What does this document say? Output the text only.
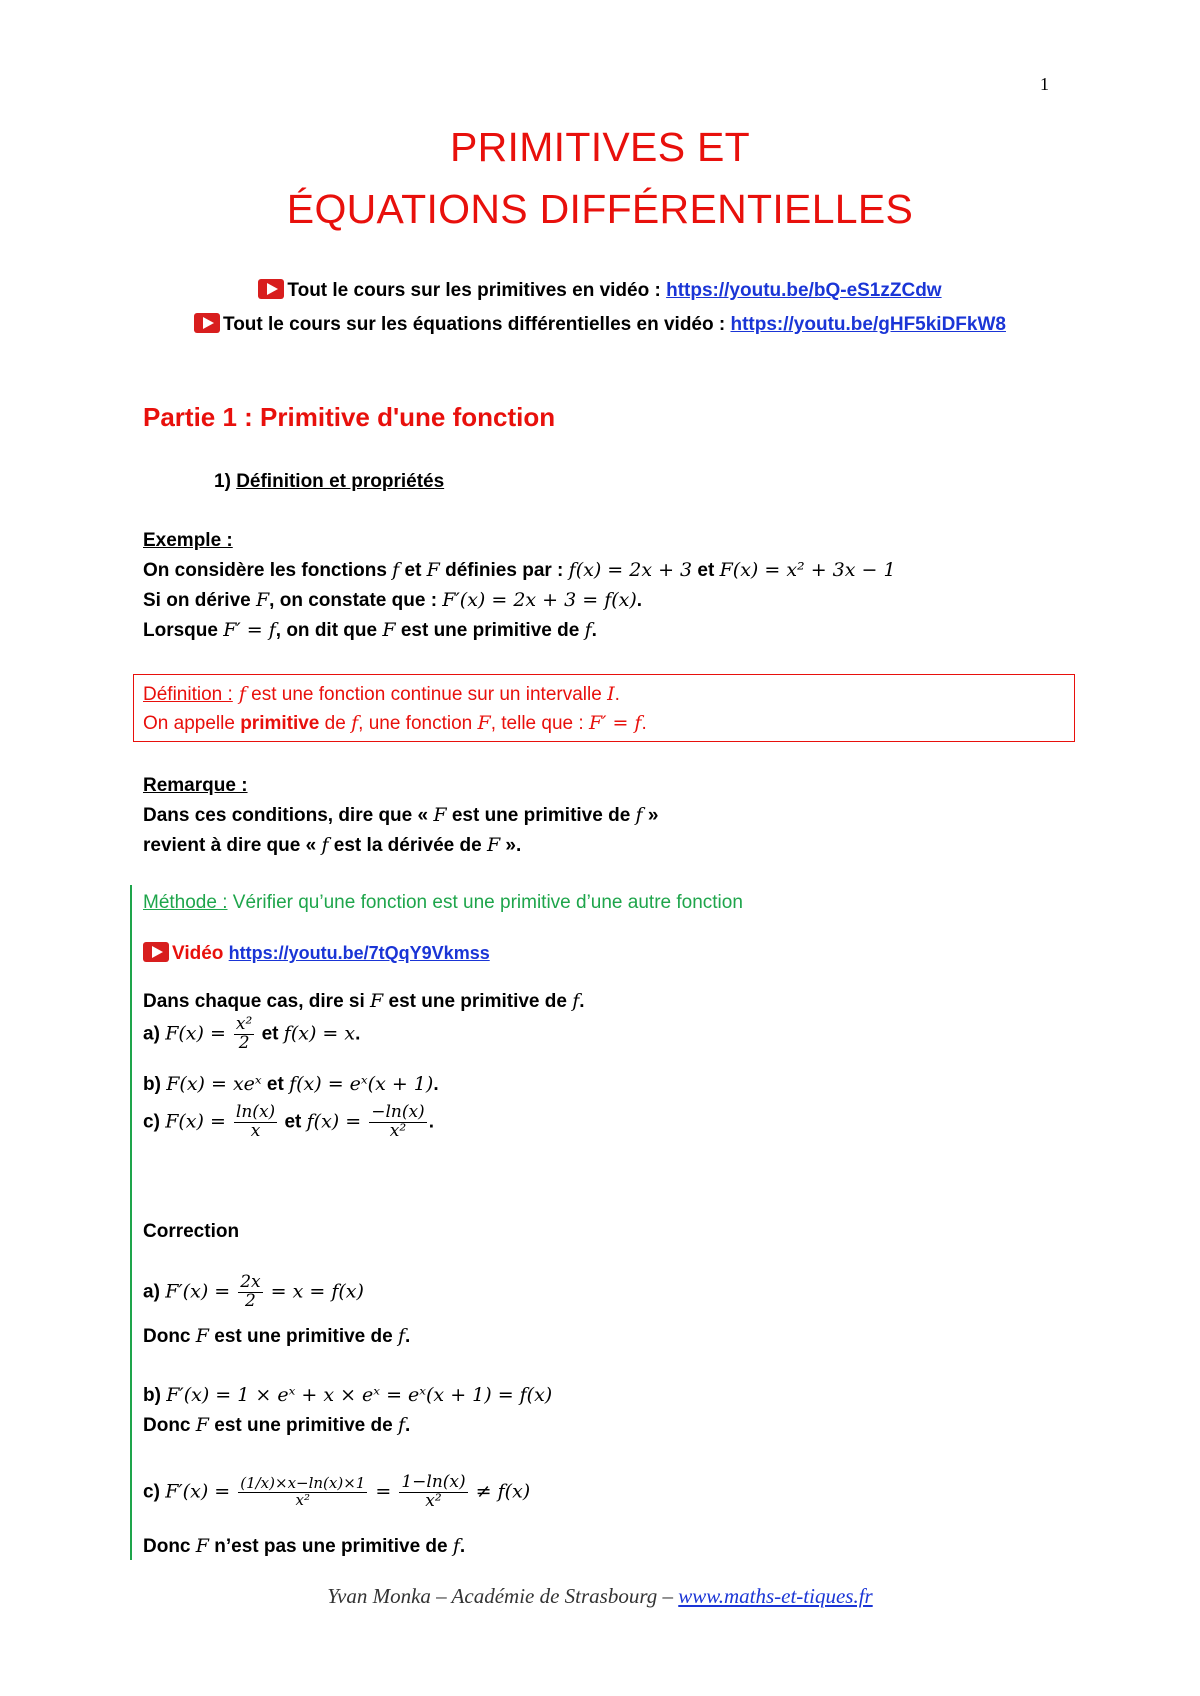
1
PRIMITIVES ET
ÉQUATIONS DIFFÉRENTIELLES
Tout le cours sur les primitives en vidéo : https://youtu.be/bQ-eS1zZCdw
Tout le cours sur les équations différentielles en vidéo : https://youtu.be/gHF5kiDFkW8
Partie 1 : Primitive d'une fonction
1) Définition et propriétés
Exemple :
On considère les fonctions f et F définies par : f(x) = 2x + 3 et F(x) = x² + 3x − 1
Si on dérive F, on constate que : F′(x) = 2x + 3 = f(x).
Lorsque F′ = f, on dit que F est une primitive de f.
Définition : f est une fonction continue sur un intervalle I.
On appelle primitive de f, une fonction F, telle que : F′ = f.
Remarque :
Dans ces conditions, dire que « F est une primitive de f »
revient à dire que « f est la dérivée de F ».
Méthode : Vérifier qu’une fonction est une primitive d’une autre fonction
Vidéo https://youtu.be/7tQqY9Vkmss
Dans chaque cas, dire si F est une primitive de f.
a) $F(x) = \frac{\text{x²}}{2}$ et f(x) = x.
b) F(x) = xeˣ et f(x) = eˣ(x + 1).
c) $F(x) = \frac{\ln(x)}{x}$ et $f(x) = \frac{-\ln(x)}{\text{x²}}$ .
Correction
a) $F'(x) = \frac{2x}{2} = x = f(x)$
Donc F est une primitive de f.
b) F′(x) = 1 × eˣ + x × eˣ = eˣ(x + 1) = f(x)
Donc F est une primitive de f.
c) $F'(x) = \frac{(1/x)\times x-\ln(x)\times 1}{\text{x²}} = \frac{1-\ln(x)}{\text{x²}} \ne f(x)$
Donc F n’est pas une primitive de f.
Yvan Monka – Académie de Strasbourg – www.maths-et-tiques.fr
